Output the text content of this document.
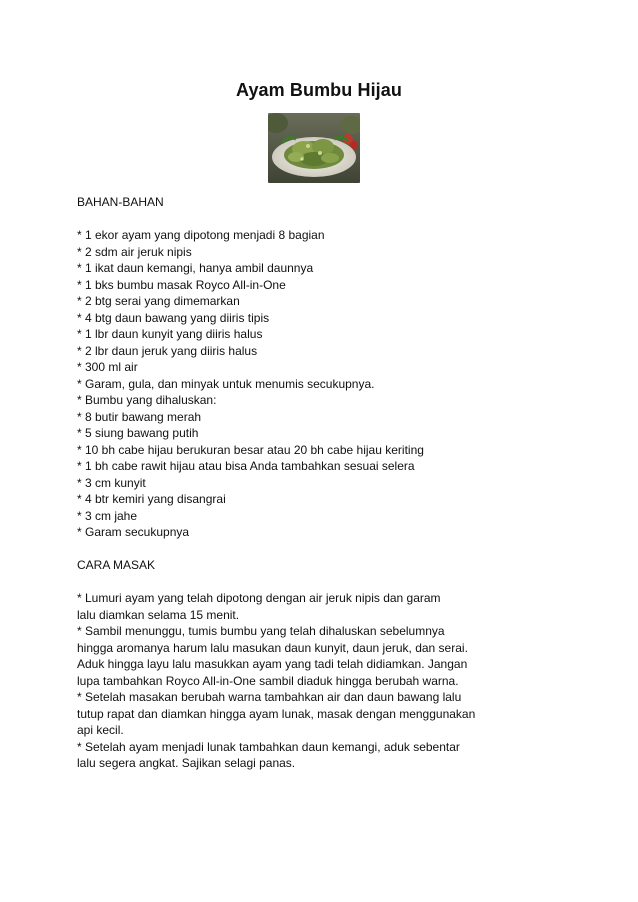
Ayam Bumbu Hijau

BAHAN-BAHAN

* 1 ekor ayam yang dipotong menjadi 8 bagian

* 2 sdm air jeruk nipis

* 1 ikat daun kemangi, hanya ambil daunnya

* 1 bks bumbu masak Royco All-in-One

* 2 btg serai yang dimemarkan

* 4 btg daun bawang yang diiris tipis

* 1 lbr daun kunyit yang diiris halus

* 2 lbr daun jeruk yang diiris halus

* 300 ml air

* Garam, gula, dan minyak untuk menumis secukupnya.

* Bumbu yang dihaluskan:

* 8 butir bawang merah

* 5 siung bawang putih

* 10 bh cabe hijau berukuran besar atau 20 bh cabe hijau keriting

* 1 bh cabe rawit hijau atau bisa Anda tambahkan sesuai selera

* 3 cm kunyit

* 4 btr kemiri yang disangrai

* 3 cm jahe

* Garam secukupnya

CARA MASAK

* Lumuri ayam yang telah dipotong dengan air jeruk nipis dan garam

lalu diamkan selama 15 menit.

* Sambil menunggu, tumis bumbu yang telah dihaluskan sebelumnya

hingga aromanya harum lalu masukan daun kunyit, daun jeruk, dan serai.

Aduk hingga layu lalu masukkan ayam yang tadi telah didiamkan. Jangan

lupa tambahkan Royco All-in-One sambil diaduk hingga berubah warna.

* Setelah masakan berubah warna tambahkan air dan daun bawang lalu

tutup rapat dan diamkan hingga ayam lunak, masak dengan menggunakan

api kecil.

* Setelah ayam menjadi lunak tambahkan daun kemangi, aduk sebentar

lalu segera angkat. Sajikan selagi panas.
